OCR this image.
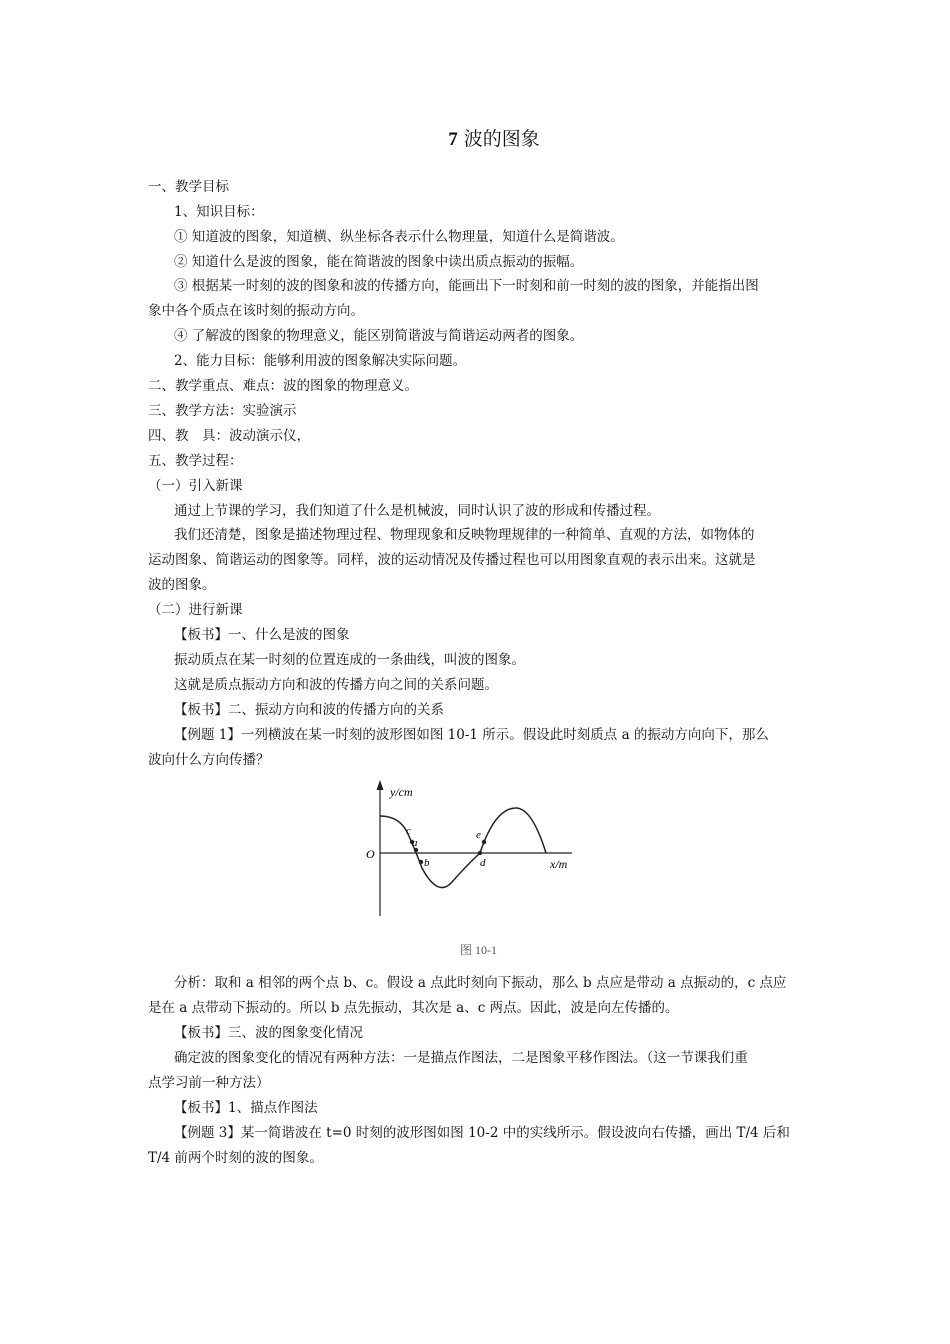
7 波的图象
一、教学目标
1、知识目标：
① 知道波的图象，知道横、纵坐标各表示什么物理量，知道什么是简谐波。
② 知道什么是波的图象，能在简谐波的图象中读出质点振动的振幅。
③ 根据某一时刻的波的图象和波的传播方向，能画出下一时刻和前一时刻的波的图象，并能指出图
象中各个质点在该时刻的振动方向。
④ 了解波的图象的物理意义，能区别简谐波与简谐运动两者的图象。
2、能力目标：能够利用波的图象解决实际问题。
二、教学重点、难点：波的图象的物理意义。
三、教学方法：实验演示
四、教　具：波动演示仪，
五、教学过程：
（一）引入新课
通过上节课的学习，我们知道了什么是机械波，同时认识了波的形成和传播过程。
我们还清楚，图象是描述物理过程、物理现象和反映物理规律的一种简单、直观的方法，如物体的
运动图象、简谐运动的图象等。同样，波的运动情况及传播过程也可以用图象直观的表示出来。这就是
波的图象。
（二）进行新课
【板书】一、什么是波的图象
振动质点在某一时刻的位置连成的一条曲线，叫波的图象。
这就是质点振动方向和波的传播方向之间的关系问题。
【板书】二、振动方向和波的传播方向的关系
【例题 1】一列横波在某一时刻的波形图如图 10-1 所示。假设此时刻质点 a 的振动方向向下，那么
波向什么方向传播？
y/cm
x/m
O
c
a
b
e
d
图 10-1
分析：取和 a 相邻的两个点 b、c。假设 a 点此时刻向下振动，那么 b 点应是带动 a 点振动的，c 点应
是在 a 点带动下振动的。所以 b 点先振动，其次是 a、c 两点。因此，波是向左传播的。
【板书】三、波的图象变化情况
确定波的图象变化的情况有两种方法：一是描点作图法，二是图象平移作图法。（这一节课我们重
点学习前一种方法）
【板书】1、描点作图法
【例题 3】某一简谐波在 t=0 时刻的波形图如图 10-2 中的实线所示。假设波向右传播，画出 T/4 后和
T/4 前两个时刻的波的图象。
